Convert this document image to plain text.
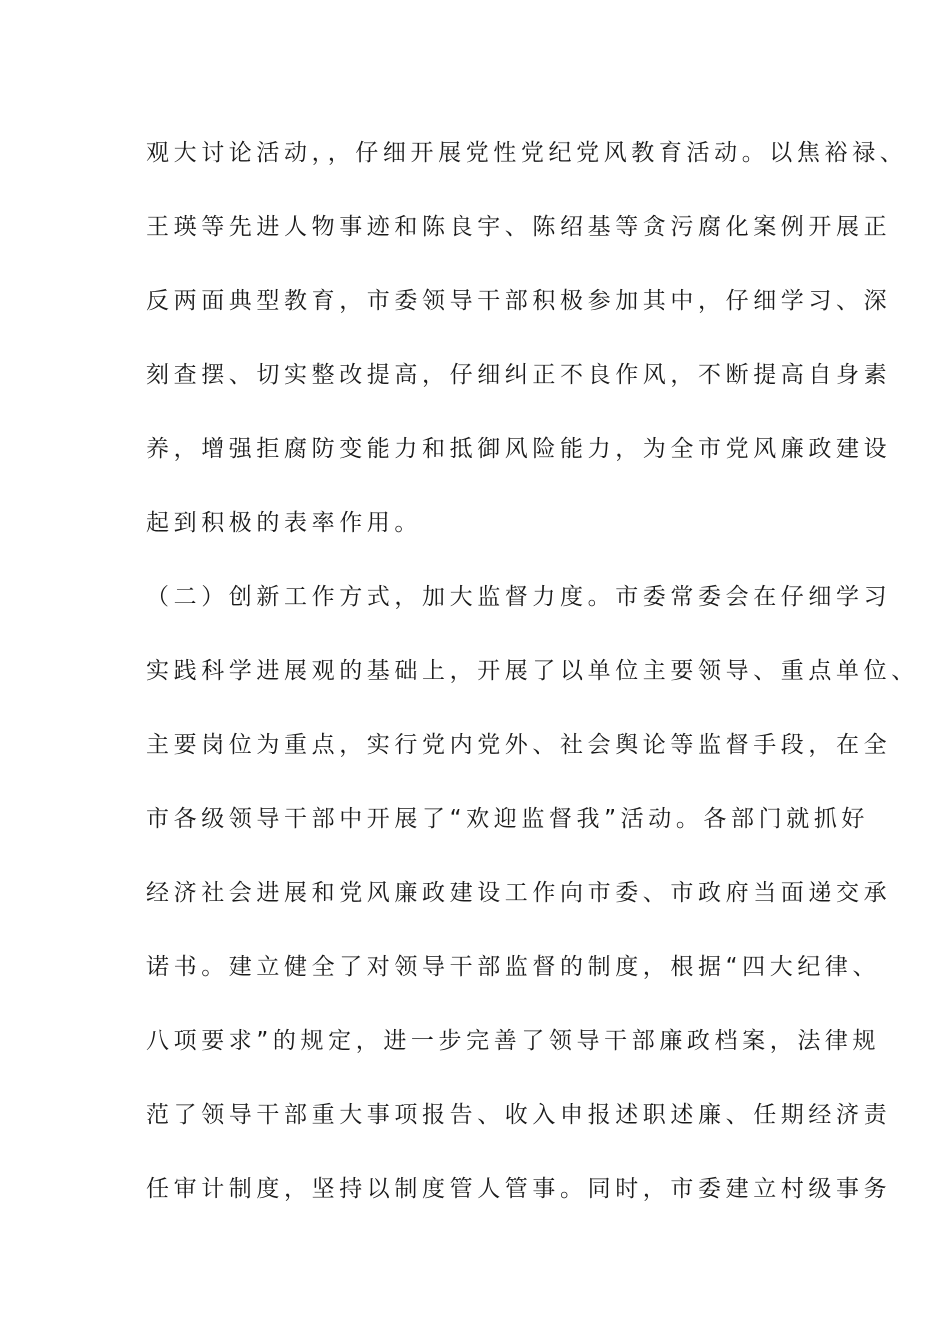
观大讨论活动，，仔细开展党性党纪党风教育活动。以焦裕禄、
王瑛等先进人物事迹和陈良宇、陈绍基等贪污腐化案例开展正
反两面典型教育，市委领导干部积极参加其中，仔细学习、深
刻查摆、切实整改提高，仔细纠正不良作风，不断提高自身素
养，增强拒腐防变能力和抵御风险能力，为全市党风廉政建设
起到积极的表率作用。
（二）创新工作方式，加大监督力度。市委常委会在仔细学习
实践科学进展观的基础上，开展了以单位主要领导、重点单位、
主要岗位为重点，实行党内党外、社会舆论等监督手段，在全
市各级领导干部中开展了“欢迎监督我”活动。各部门就抓好
经济社会进展和党风廉政建设工作向市委、市政府当面递交承
诺书。建立健全了对领导干部监督的制度，根据“四大纪律、
八项要求”的规定，进一步完善了领导干部廉政档案，法律规
范了领导干部重大事项报告、收入申报述职述廉、任期经济责
任审计制度，坚持以制度管人管事。同时，市委建立村级事务
